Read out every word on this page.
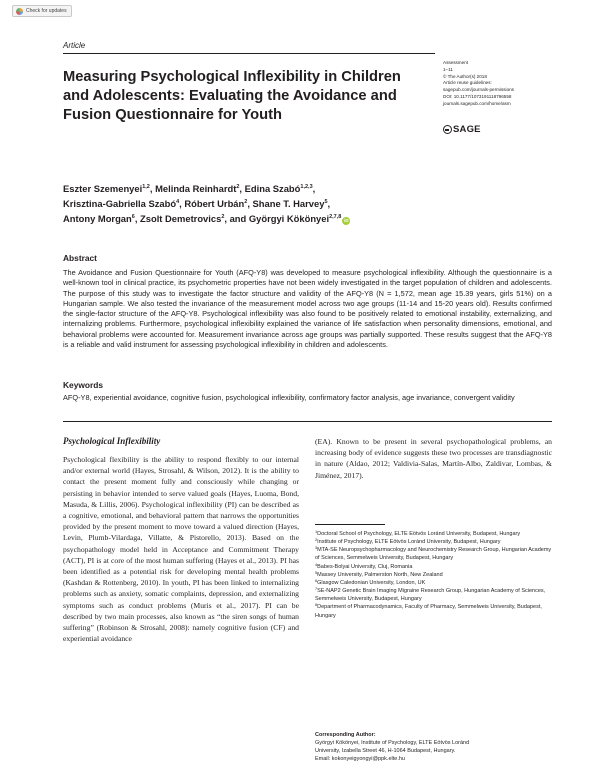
Check for updates
Article
Measuring Psychological Inflexibility in Children and Adolescents: Evaluating the Avoidance and Fusion Questionnaire for Youth
Assessment
1–11
© The Author(s) 2018
Article reuse guidelines:
sagepub.com/journals-permissions
DOI: 10.1177/1073191118796558
journals.sagepub.com/home/asm
SAGE
Eszter Szemenyei$^{1,2}$, Melinda Reinhardt$^2$, Edina Szabó$^{1,2,3}$,
Krisztina-Gabriella Szabó$^4$, Róbert Urbán$^2$, Shane T. Harvey$^5$,
Antony Morgan$^6$, Zsolt Demetrovics$^2$, and Györgyi Kökönyei$^{2,7,8}$iD
Abstract

The Avoidance and Fusion Questionnaire for Youth (AFQ-Y8) was developed to measure psychological inflexibility. Although the questionnaire is a well-known tool in clinical practice, its psychometric properties have not been widely investigated in the target population of children and adolescents. The purpose of this study was to investigate the factor structure and validity of the AFQ-Y8 (N = 1,572, mean age 15.39 years, girls 51%) on a Hungarian sample. We also tested the invariance of the measurement model across two age groups (11-14 and 15-20 years old). Results confirmed the single-factor structure of the AFQ-Y8. Psychological inflexibility was also found to be positively related to emotional instability, externalizing, and internalizing problems. Furthermore, psychological inflexibility explained the variance of life satisfaction when personality dimensions, emotional, and behavioral problems were accounted for. Measurement invariance across age groups was partially supported. These results suggest that the AFQ-Y8 is a reliable and valid instrument for assessing psychological inflexibility in children and adolescents.

Keywords

AFQ-Y8, experiential avoidance, cognitive fusion, psychological inflexibility, confirmatory factor analysis, age invariance, convergent validity

Psychological Inflexibility

Psychological flexibility is the ability to respond flexibly to our internal and/or external world (Hayes, Strosahl, & Wilson, 2012). It is the ability to contact the present moment fully and consciously while changing or persisting in behavior intended to serve valued goals (Hayes, Luoma, Bond, Masuda, & Lillis, 2006). Psychological inflexibility (PI) can be described as a cognitive, emotional, and behavioral pattern that narrows the opportunities provided by the present moment to move toward a valued direction (Hayes, Levin, Plumb-Vilardaga, Villatte, & Pistorello, 2013). Based on the psychopathology model held in Acceptance and Commitment Therapy (ACT), PI is at core of the most human suffering (Hayes et al., 2013). PI has been identified as a potential risk for developing mental health problems (Kashdan & Rottenberg, 2010). In youth, PI has been linked to internalizing problems such as anxiety, somatic complaints, depression, and externalizing symptoms such as conduct problems (Muris et al., 2017). PI can be described by two main processes, also known as “the siren songs of human suffering” (Robinson & Strosahl, 2008): namely cognitive fusion (CF) and experiential avoidance

(EA). Known to be present in several psychopathological problems, an increasing body of evidence suggests these two processes are transdiagnostic in nature (Aldao, 2012; Valdivia-Salas, Martín-Albo, Zaldivar, Lombas, & Jiménez, 2017).

$^1$Doctoral School of Psychology, ELTE Eötvös Loránd University, Budapest, Hungary
$^2$Institute of Psychology, ELTE Eötvös Loránd University, Budapest, Hungary
$^3$MTA-SE Neuropsychopharmacology and Neurochemistry Research Group, Hungarian Academy of Sciences, Semmelweis University, Budapest, Hungary
$^4$Babes-Bolyai University, Cluj, Romania
$^5$Massey University, Palmerston North, New Zealand
$^6$Glasgow Caledonian University, London, UK
$^7$SE-NAP2 Genetic Brain Imaging Migraine Research Group, Hungarian Academy of Sciences, Semmelweis University, Budapest, Hungary
$^8$Department of Pharmacodynamics, Faculty of Pharmacy, Semmelweis University, Budapest, Hungary
Corresponding Author:
Györgyi Kökönyei, Institute of Psychology, ELTE Eötvös Loránd
University, Izabella Street 46, H-1064 Budapest, Hungary.
Email: kokonyeigyongyi@ppk.elte.hu
